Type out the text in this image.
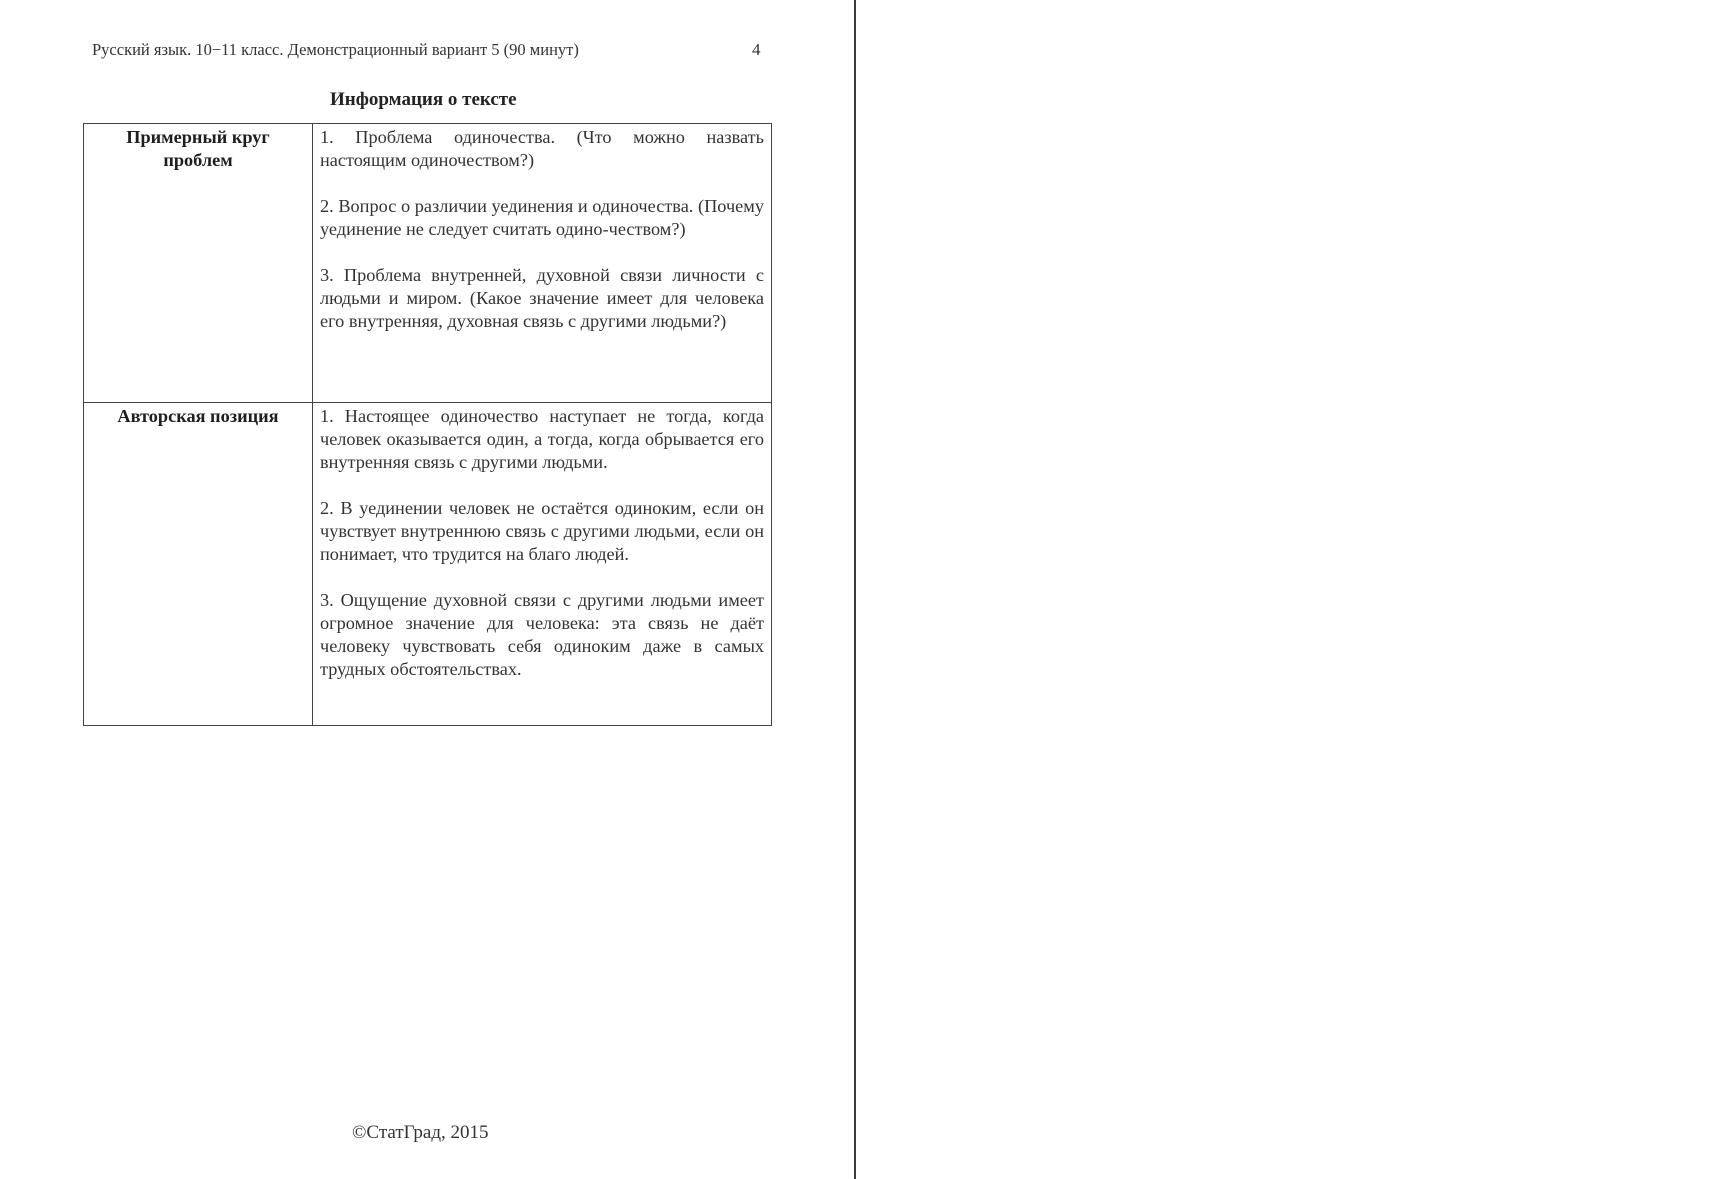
Русский язык. 10−11 класс. Демонстрационный вариант 5 (90 минут)	4
Информация о тексте
Примерный круг проблем	1. Проблема одиночества. (Что можно назвать настоящим одиночеством?)
2. Вопрос о различии уединения и одиночества. (Почему уединение не следует считать одино-чеством?)
3. Проблема внутренней, духовной связи личности с людьми и миром. (Какое значение имеет для человека его внутренняя, духовная связь с другими людьми?)

Авторская позиция	1. Настоящее одиночество наступает не тогда, когда человек оказывается один, а тогда, когда обрывается его внутренняя связь с другими людьми.
2. В уединении человек не остаётся одиноким, если он чувствует внутреннюю связь с другими людьми, если он понимает, что трудится на благо людей.
3. Ощущение духовной связи с другими людьми имеет огромное значение для человека: эта связь не даёт человеку чувствовать себя одиноким даже в самых трудных обстоятельствах.
©СтатГрад, 2015
